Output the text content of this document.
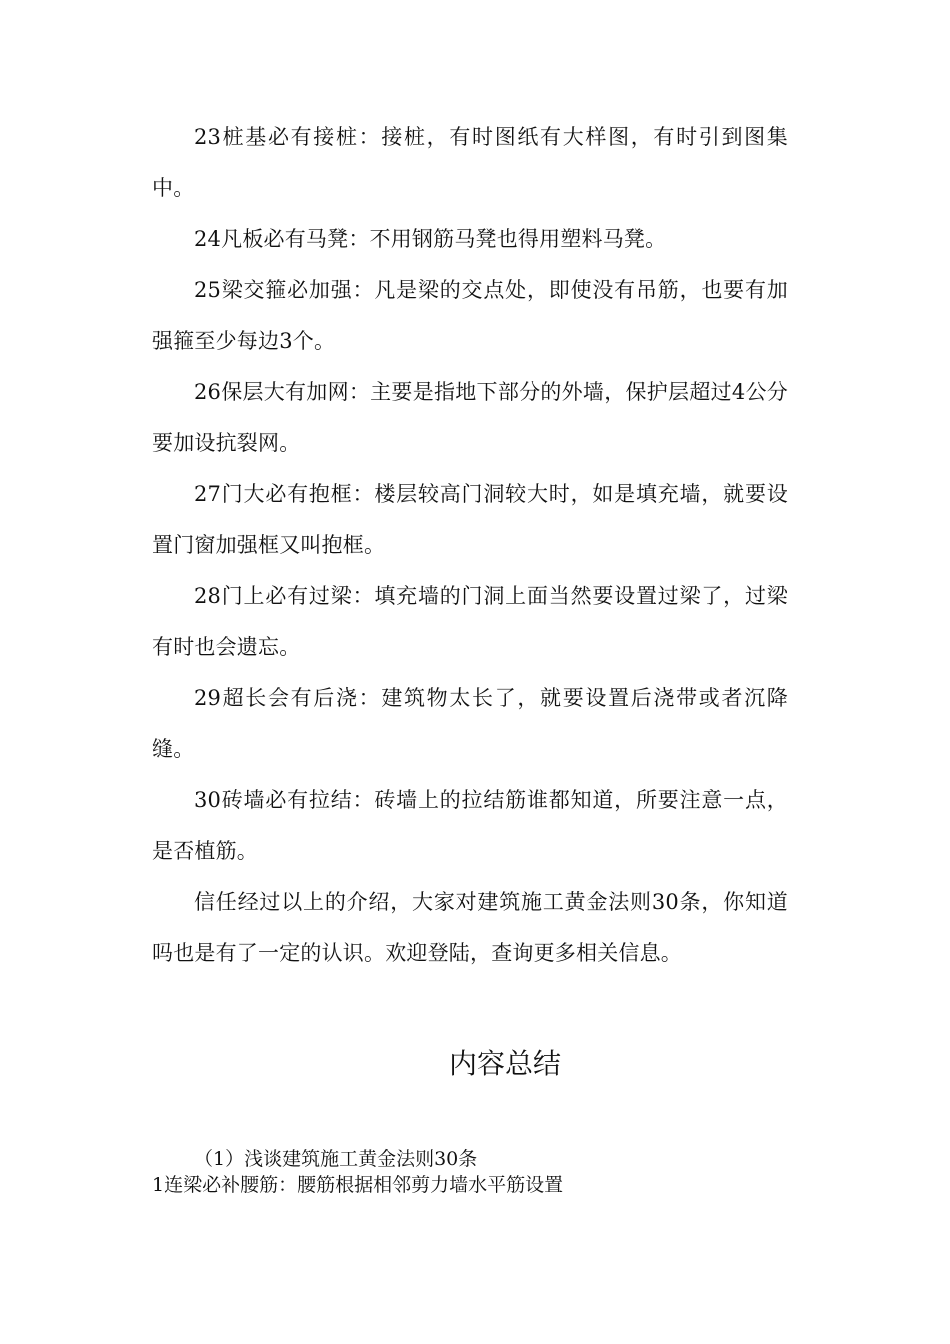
23桩基必有接桩：接桩，有时图纸有大样图，有时引到图集中。

24凡板必有马凳：不用钢筋马凳也得用塑料马凳。

25梁交箍必加强：凡是梁的交点处，即使没有吊筋，也要有加强箍至少每边3个。

26保层大有加网：主要是指地下部分的外墙，保护层超过4公分要加设抗裂网。

27门大必有抱框：楼层较高门洞较大时，如是填充墙，就要设置门窗加强框又叫抱框。

28门上必有过梁：填充墙的门洞上面当然要设置过梁了，过梁有时也会遗忘。

29超长会有后浇：建筑物太长了，就要设置后浇带或者沉降缝。

30砖墙必有拉结：砖墙上的拉结筋谁都知道，所要注意一点，是否植筋。

信任经过以上的介绍，大家对建筑施工黄金法则30条，你知道吗也是有了一定的认识。欢迎登陆，查询更多相关信息。

内容总结

（1）浅谈建筑施工黄金法则30条

1连梁必补腰筋：腰筋根据相邻剪力墙水平筋设置
